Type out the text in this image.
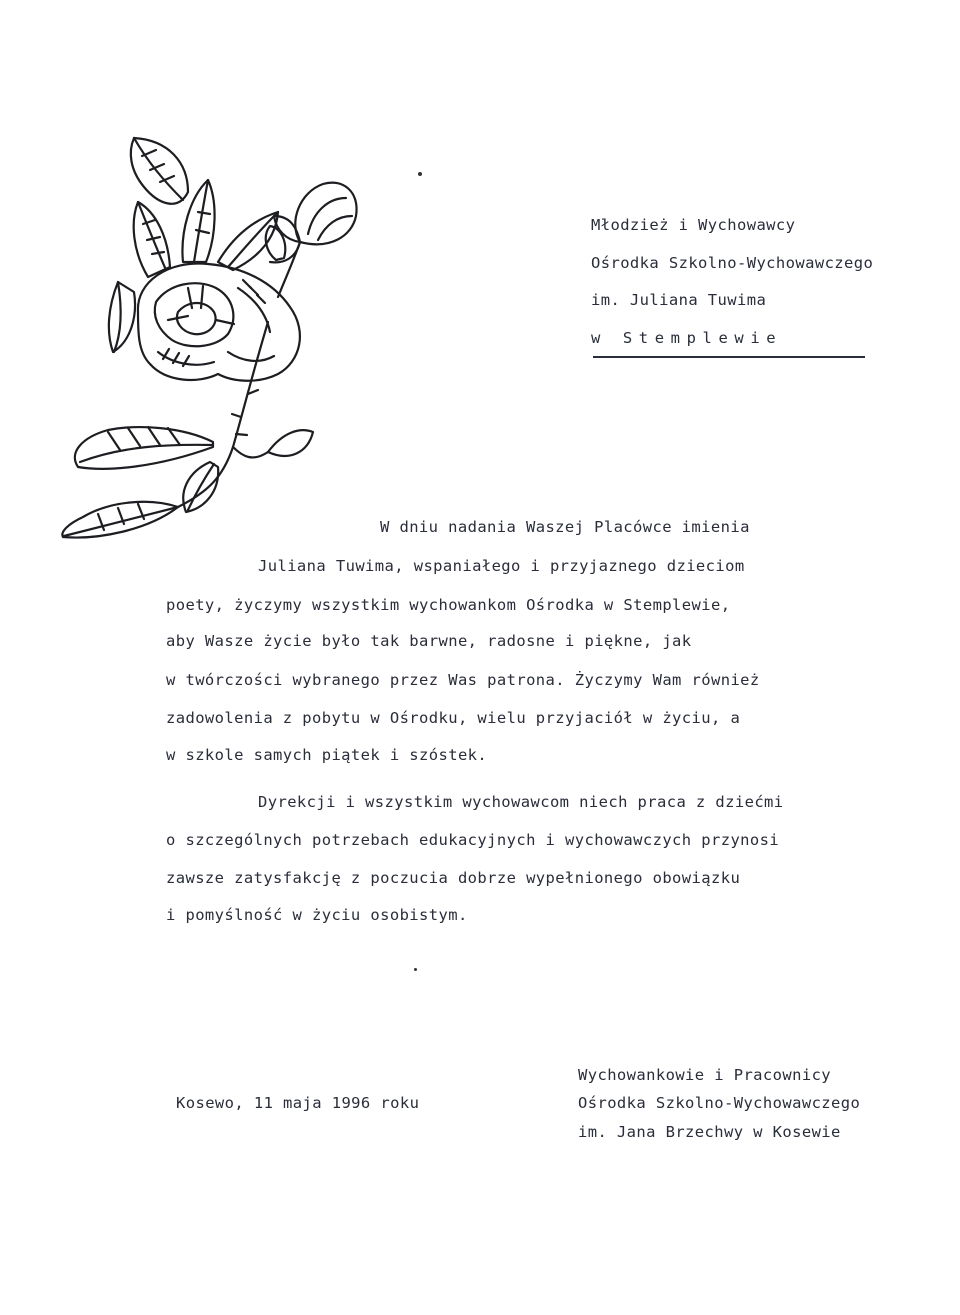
Młodzież i Wychowawcy
Ośrodka Szkolno-Wychowawczego
im. Juliana Tuwima
w Stemplewie
W dniu nadania Waszej Placówce imienia
Juliana Tuwima, wspaniałego i przyjaznego dzieciom
poety, życzymy wszystkim wychowankom Ośrodka w Stemplewie,
aby Wasze życie było tak barwne, radosne i piękne, jak
w twórczości wybranego przez Was patrona. Życzymy Wam również
zadowolenia z pobytu w Ośrodku, wielu przyjaciół w życiu, a
w szkole samych piątek i szóstek.
Dyrekcji i wszystkim wychowawcom niech praca z dziećmi
o szczególnych potrzebach edukacyjnych i wychowawczych przynosi
zawsze zatysfakcję z poczucia dobrze wypełnionego obowiązku
i pomyślność w życiu osobistym.
Kosewo, 11 maja 1996 roku
Wychowankowie i Pracownicy
Ośrodka Szkolno-Wychowawczego
im. Jana Brzechwy w Kosewie
